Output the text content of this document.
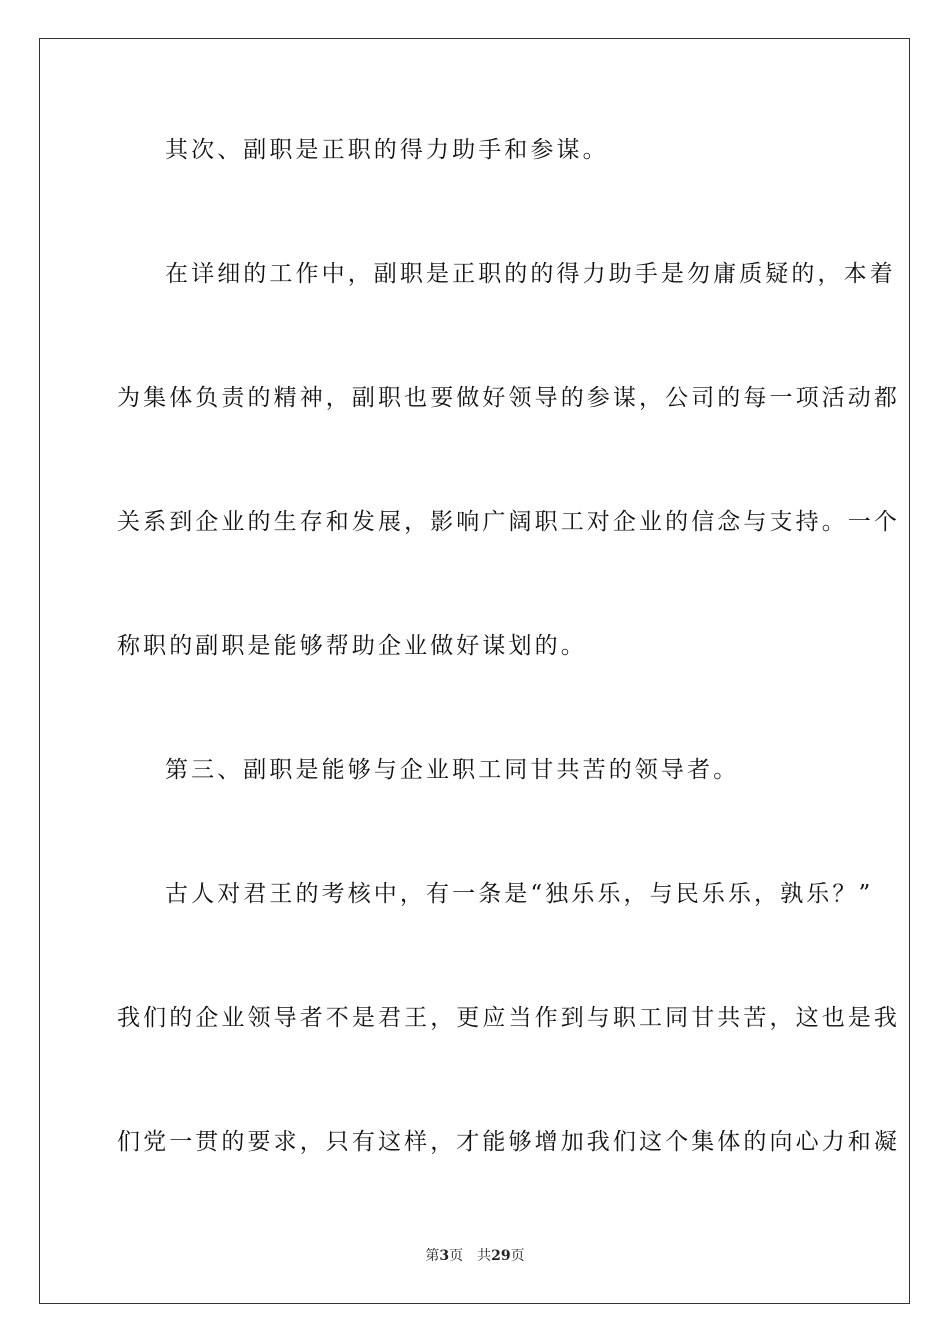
其次、副职是正职的得力助手和参谋。
在详细的工作中，副职是正职的的得力助手是勿庸质疑的，本着
为集体负责的精神，副职也要做好领导的参谋，公司的每一项活动都
关系到企业的生存和发展，影响广阔职工对企业的信念与支持。一个
称职的副职是能够帮助企业做好谋划的。
第三、副职是能够与企业职工同甘共苦的领导者。
古人对君王的考核中，有一条是“独乐乐，与民乐乐，孰乐？”
我们的企业领导者不是君王，更应当作到与职工同甘共苦，这也是我
们党一贯的要求，只有这样，才能够增加我们这个集体的向心力和凝
第3页　共29页
